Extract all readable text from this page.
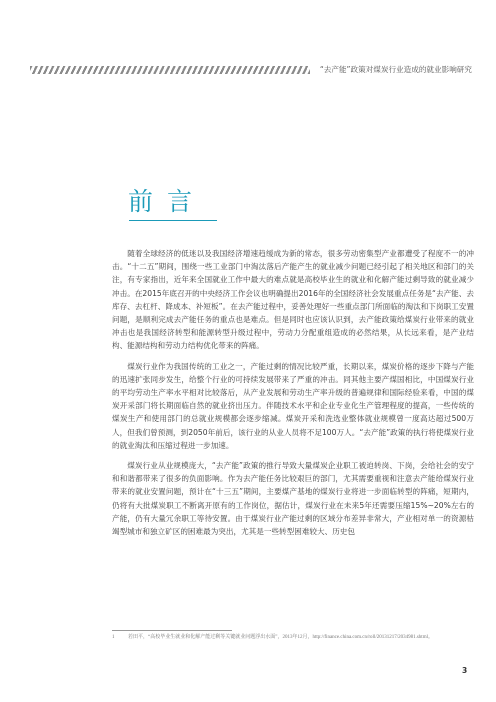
“去产能”政策对煤炭行业造成的就业影响研究
前言

随着全球经济的低迷以及我国经济增速趋缓成为新的常态，很多劳动密集型产业都遭受了程度不一的冲击。“十二五”期间，围绕一些工业部门中淘汰落后产能产生的就业减少问题已经引起了相关地区和部门的关注，有专家指出，近年来全国就业工作中最大的难点就是高校毕业生的就业和化解产能过剩导致的就业减少冲击。在2015年底召开的中央经济工作会议也明确提出2016年的全国经济社会发展重点任务是“去产能、去库存、去杠杆、降成本、补短板”。在去产能过程中，妥善处理好一些重点部门所面临的淘汰和下岗职工安置问题，是顺利完成去产能任务的重点也是难点。但是同时也应该认识到，去产能政策给煤炭行业带来的就业冲击也是我国经济转型和能源转型升级过程中，劳动力分配重组造成的必然结果，从长远来看，是产业结构、能源结构和劳动力结构优化带来的阵痛。

煤炭行业作为我国传统的工业之一，产能过剩的情况比较严重，长期以来，煤炭价格的逐步下降与产能的迅速扩张同步发生，给整个行业的可持续发展带来了严重的冲击。同其他主要产煤国相比，中国煤炭行业的平均劳动生产率水平相对比较落后，从产业发展和劳动生产率升级的普遍规律和国际经验来看，中国的煤炭开采部门将长期面临自然的就业挤出压力。伴随技术水平和企业专业化生产管理程度的提高，一些传统的煤炭生产和使用部门的总就业规模都会逐步缩减。煤炭开采和洗选业整体就业规模曾一度高达超过500万人，但我们曾预测，到2050年前后，该行业的从业人员将不足100万人。“去产能”政策的执行将使煤炭行业的就业淘汰和压缩过程进一步加速。

煤炭行业从业规模庞大，“去产能”政策的推行导致大量煤炭企业职工被迫转岗、下岗，会给社会的安宁和和谐都带来了很多的负面影响。作为去产能任务比较艰巨的部门，尤其需要重视和注意去产能给煤炭行业带来的就业安置问题，预计在“十三五”期间，主要煤产基地的煤炭行业将进一步面临转型的阵痛，短期内，仍将有大批煤炭职工不断离开原有的工作岗位，据估计，煤炭行业在未来5年还需要压缩15%~20%左右的产能，仍有大量冗余职工等待安置。由于煤炭行业产能过剩的区域分布差异非常大，产业相对单一的资源枯竭型城市和独立矿区的困难最为突出，尤其是一些转型困难较大、历史包

1	若田平，“高校毕业生就业和化解产能过剩等关键就业问题浮出水面”，2013年12月，http://finance.china.com.cn/roll/20131217/2034981.shtml。
3
